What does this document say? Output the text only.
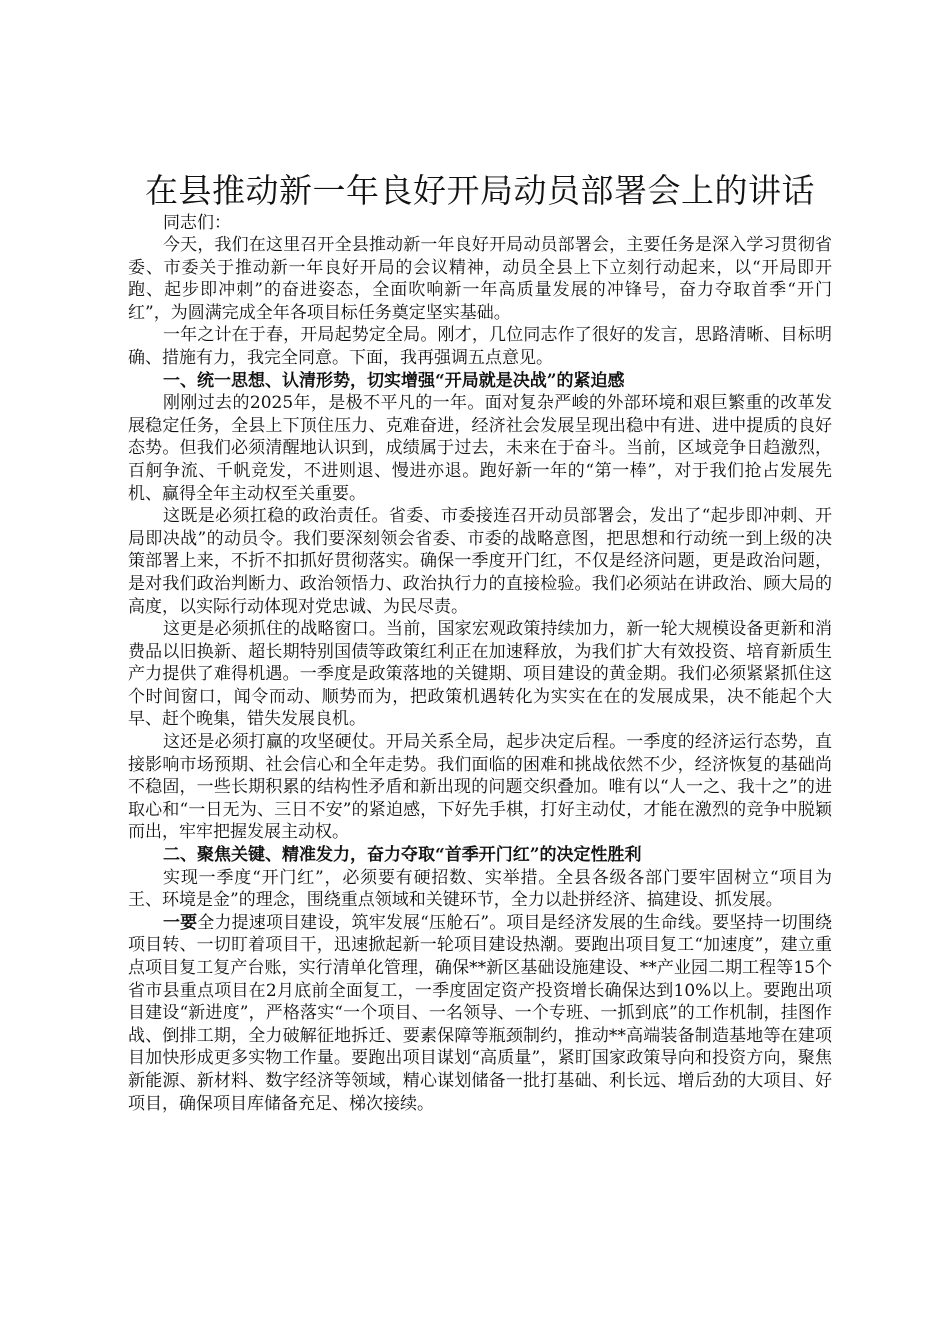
在县推动新一年良好开局动员部署会上的讲话

同志们：

今天，我们在这里召开全县推动新一年良好开局动员部署会，主要任务是深入学习贯彻省委、市委关于推动新一年良好开局的会议精神，动员全县上下立刻行动起来，以“开局即开跑、起步即冲刺”的奋进姿态，全面吹响新一年高质量发展的冲锋号，奋力夺取首季“开门红”，为圆满完成全年各项目标任务奠定坚实基础。

一年之计在于春，开局起势定全局。刚才，几位同志作了很好的发言，思路清晰、目标明确、措施有力，我完全同意。下面，我再强调五点意见。

一、统一思想、认清形势，切实增强“开局就是决战”的紧迫感

刚刚过去的2025年，是极不平凡的一年。面对复杂严峻的外部环境和艰巨繁重的改革发展稳定任务，全县上下顶住压力、克难奋进，经济社会发展呈现出稳中有进、进中提质的良好态势。但我们必须清醒地认识到，成绩属于过去，未来在于奋斗。当前，区域竞争日趋激烈，百舸争流、千帆竞发，不进则退、慢进亦退。跑好新一年的“第一棒”，对于我们抢占发展先机、赢得全年主动权至关重要。

这既是必须扛稳的政治责任。省委、市委接连召开动员部署会，发出了“起步即冲刺、开局即决战”的动员令。我们要深刻领会省委、市委的战略意图，把思想和行动统一到上级的决策部署上来，不折不扣抓好贯彻落实。确保一季度开门红，不仅是经济问题，更是政治问题，是对我们政治判断力、政治领悟力、政治执行力的直接检验。我们必须站在讲政治、顾大局的高度，以实际行动体现对党忠诚、为民尽责。

这更是必须抓住的战略窗口。当前，国家宏观政策持续加力，新一轮大规模设备更新和消费品以旧换新、超长期特别国债等政策红利正在加速释放，为我们扩大有效投资、培育新质生产力提供了难得机遇。一季度是政策落地的关键期、项目建设的黄金期。我们必须紧紧抓住这个时间窗口，闻令而动、顺势而为，把政策机遇转化为实实在在的发展成果，决不能起个大早、赶个晚集，错失发展良机。

这还是必须打赢的攻坚硬仗。开局关系全局，起步决定后程。一季度的经济运行态势，直接影响市场预期、社会信心和全年走势。我们面临的困难和挑战依然不少，经济恢复的基础尚不稳固，一些长期积累的结构性矛盾和新出现的问题交织叠加。唯有以“人一之、我十之”的进取心和“一日无为、三日不安”的紧迫感，下好先手棋，打好主动仗，才能在激烈的竞争中脱颖而出，牢牢把握发展主动权。

二、聚焦关键、精准发力，奋力夺取“首季开门红”的决定性胜利

实现一季度“开门红”，必须要有硬招数、实举措。全县各级各部门要牢固树立“项目为王、环境是金”的理念，围绕重点领域和关键环节，全力以赴拼经济、搞建设、抓发展。

一要全力提速项目建设，筑牢发展“压舱石”。项目是经济发展的生命线。要坚持一切围绕项目转、一切盯着项目干，迅速掀起新一轮项目建设热潮。要跑出项目复工“加速度”，建立重点项目复工复产台账，实行清单化管理，确保**新区基础设施建设、**产业园二期工程等15个省市县重点项目在2月底前全面复工，一季度固定资产投资增长确保达到10%以上。要跑出项目建设“新进度”，严格落实“一个项目、一名领导、一个专班、一抓到底”的工作机制，挂图作战、倒排工期，全力破解征地拆迁、要素保障等瓶颈制约，推动**高端装备制造基地等在建项目加快形成更多实物工作量。要跑出项目谋划“高质量”，紧盯国家政策导向和投资方向，聚焦新能源、新材料、数字经济等领域，精心谋划储备一批打基础、利长远、增后劲的大项目、好项目，确保项目库储备充足、梯次接续。
